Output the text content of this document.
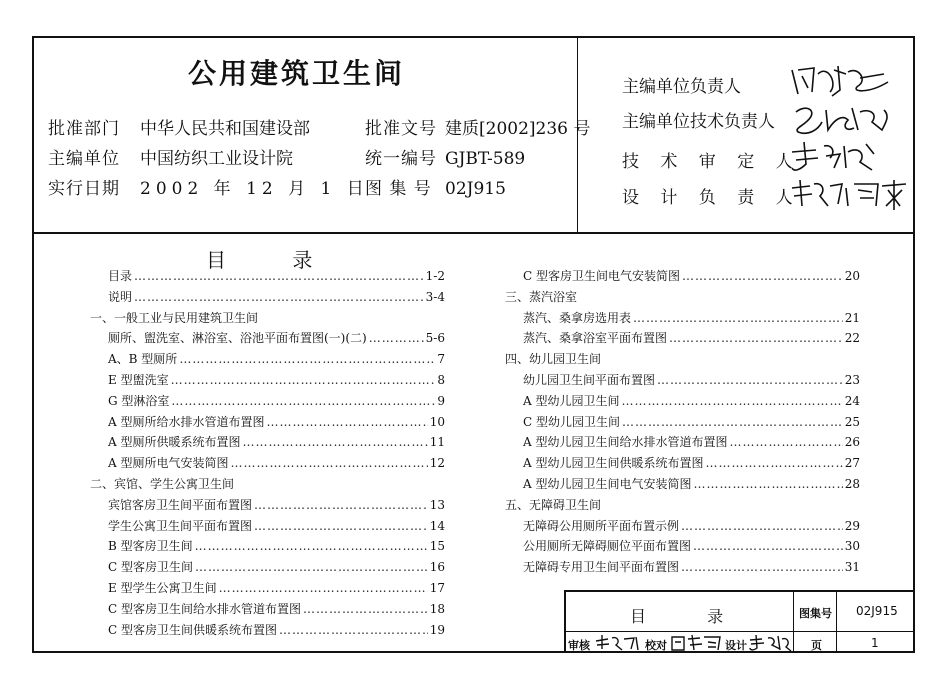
公用建筑卫生间
批准部门 中华人民共和国建设部	批准文号 建质[2002]236 号
主编单位 中国纺织工业设计院	统一编号 GJBT-589
实行日期 2002 年 12 月 1 日图 集 号 02J915
主编单位负责人
主编单位技术负责人
技 术 审 定 人
设 计 负 责 人
目 录
目录 …………………………………………………………………………………………………………………………………………	1-2
说明 …………………………………………………………………………………………………………………………………………	3-4
一、一般工业与民用建筑卫生间
厕所、盥洗室、淋浴室、浴池平面布置图(一)(二) …………………………………………………………………………………………………………………………………………	5-6
A、B 型厕所 …………………………………………………………………………………………………………………………………………	7
E 型盥洗室 …………………………………………………………………………………………………………………………………………	8
G 型淋浴室 …………………………………………………………………………………………………………………………………………	9
A 型厕所给水排水管道布置图 …………………………………………………………………………………………………………………………………………	10
A 型厕所供暖系统布置图 …………………………………………………………………………………………………………………………………………	11
A 型厕所电气安装简图 …………………………………………………………………………………………………………………………………………	12
二、宾馆、学生公寓卫生间
宾馆客房卫生间平面布置图 …………………………………………………………………………………………………………………………………………	13
学生公寓卫生间平面布置图 …………………………………………………………………………………………………………………………………………	14
B 型客房卫生间 …………………………………………………………………………………………………………………………………………	15
C 型客房卫生间 …………………………………………………………………………………………………………………………………………	16
E 型学生公寓卫生间 …………………………………………………………………………………………………………………………………………	17
C 型客房卫生间给水排水管道布置图 …………………………………………………………………………………………………………………………………………	18
C 型客房卫生间供暖系统布置图 …………………………………………………………………………………………………………………………………………	19
C 型客房卫生间电气安装简图 …………………………………………………………………………………………………………………………………………	20
三、蒸汽浴室
蒸汽、桑拿房选用表 …………………………………………………………………………………………………………………………………………	21
蒸汽、桑拿浴室平面布置图 …………………………………………………………………………………………………………………………………………	22
四、幼儿园卫生间
幼儿园卫生间平面布置图 …………………………………………………………………………………………………………………………………………	23
A 型幼儿园卫生间 …………………………………………………………………………………………………………………………………………	24
C 型幼儿园卫生间 …………………………………………………………………………………………………………………………………………	25
A 型幼儿园卫生间给水排水管道布置图 …………………………………………………………………………………………………………………………………………	26
A 型幼儿园卫生间供暖系统布置图 …………………………………………………………………………………………………………………………………………	27
A 型幼儿园卫生间电气安装简图 …………………………………………………………………………………………………………………………………………	28
五、无障碍卫生间
无障碍公用厕所平面布置示例 …………………………………………………………………………………………………………………………………………	29
公用厕所无障碍厕位平面布置图 …………………………………………………………………………………………………………………………………………	30
无障碍专用卫生间平面布置图 …………………………………………………………………………………………………………………………………………	31
目 录	图集号 02J915
审核	校对	设计	页	1
